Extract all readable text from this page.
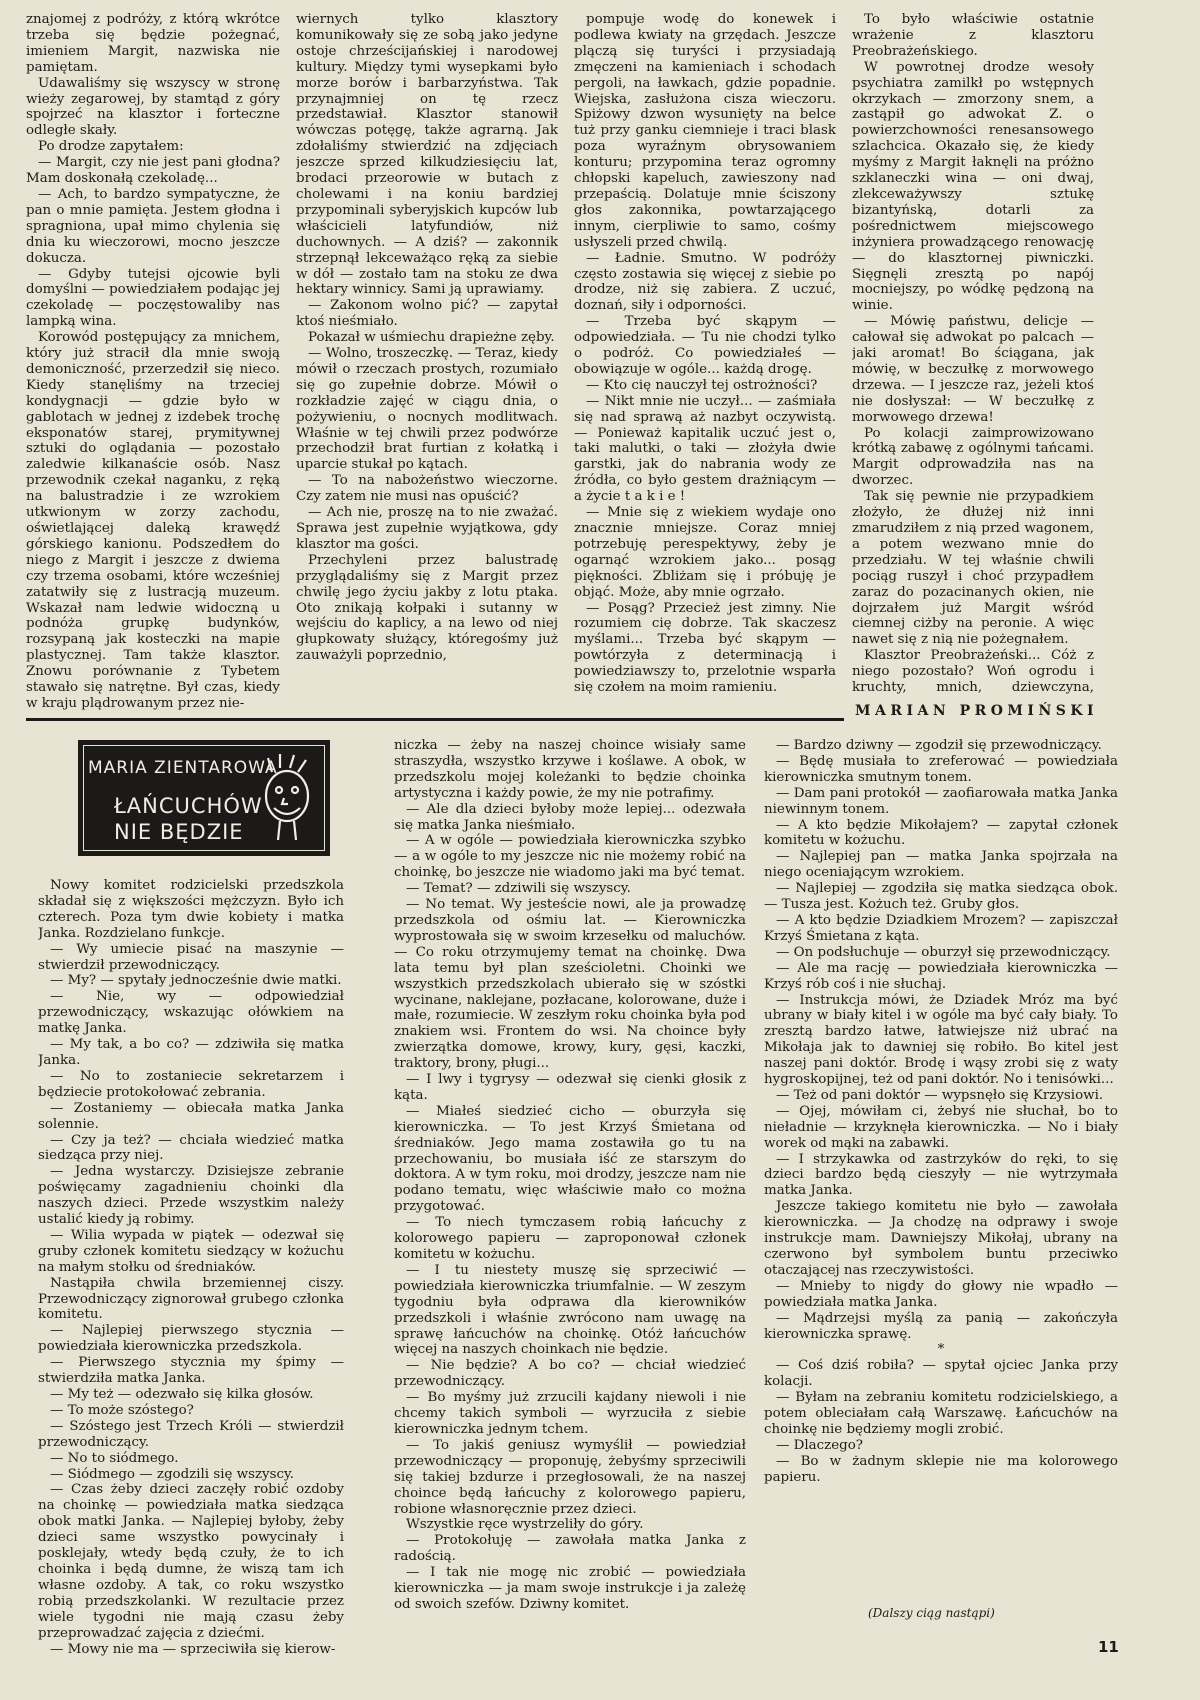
znajomej z podróży, z którą wkrótce trzeba się będzie pożegnać, imieniem Margit, nazwiska nie pamiętam.

Udawaliśmy się wszyscy w stronę wieży zegarowej, by stamtąd z góry spojrzeć na klasztor i forteczne odległe skały.

Po drodze zapytałem:

— Margit, czy nie jest pani głodna? Mam doskonałą czekoladę...

— Ach, to bardzo sympatyczne, że pan o mnie pamięta. Jestem głodna i spragniona, upał mimo chylenia się dnia ku wieczorowi, mocno jeszcze dokucza.

— Gdyby tutejsi ojcowie byli domyślni — powiedziałem podając jej czekoladę — poczęstowaliby nas lampką wina.

Korowód postępujący za mnichem, który już stracił dla mnie swoją demoniczność, przerzedził się nieco. Kiedy stanęliśmy na trzeciej kondygnacji — gdzie było w gablotach w jednej z izdebek trochę eksponatów starej, prymitywnej sztuki do oglądania — pozostało zaledwie kilkanaście osób. Nasz przewodnik czekał naganku, z ręką na balustradzie i ze wzrokiem utkwionym w zorzy zachodu, oświetlającej daleką krawędź górskiego kanionu. Podszedłem do niego z Margit i jeszcze z dwiema czy trzema osobami, które wcześniej zatatwiły się z lustracją muzeum. Wskazał nam ledwie widoczną u podnóża grupkę budynków, rozsypaną jak kosteczki na mapie plastycznej. Tam także klasztor. Znowu porównanie z Tybetem stawało się natrętne. Był czas, kiedy w kraju plądrowanym przez nie-

wiernych tylko klasztory komunikowały się ze sobą jako jedyne ostoje chrześcijańskiej i narodowej kultury. Między tymi wysepkami było morze borów i barbarzyństwa. Tak przynajmniej on tę rzecz przedstawiał. Klasztor stanowił wówczas potęgę, także agrarną. Jak zdołaliśmy stwierdzić na zdjęciach jeszcze sprzed kilkudziesięciu lat, brodaci przeorowie w butach z cholewami i na koniu bardziej przypominali syberyjskich kupców lub właścicieli latyfundiów, niż duchownych. — A dziś? — zakonnik strzepnął lekceważąco ręką za siebie w dół — zostało tam na stoku ze dwa hektary winnicy. Sami ją uprawiamy.

— Zakonom wolno pić? — zapytał ktoś nieśmiało.

Pokazał w uśmiechu drapieżne zęby.

— Wolno, troszeczkę. — Teraz, kiedy mówił o rzeczach prostych, rozumiało się go zupełnie dobrze. Mówił o rozkładzie zajęć w ciągu dnia, o pożywieniu, o nocnych modlitwach. Właśnie w tej chwili przez podwórze przechodził brat furtian z kołatką i uparcie stukał po kątach.

— To na nabożeństwo wieczorne. Czy zatem nie musi nas opuścić?

— Ach nie, proszę na to nie zważać. Sprawa jest zupełnie wyjątkowa, gdy klasztor ma gości.

Przechyleni przez balustradę przyglądaliśmy się z Margit przez chwilę jego życiu jakby z lotu ptaka. Oto znikają kołpaki i sutanny w wejściu do kaplicy, a na lewo od niej głupkowaty służący, któregośmy już zauważyli poprzednio,

pompuje wodę do konewek i podlewa kwiaty na grzędach. Jeszcze plączą się turyści i przysiadają zmęczeni na kamieniach i schodach pergoli, na ławkach, gdzie popadnie. Wiejska, zasłużona cisza wieczoru. Spiżowy dzwon wysunięty na belce tuż przy ganku ciemnieje i traci blask poza wyraźnym obrysowaniem konturu; przypomina teraz ogromny chłopski kapeluch, zawieszony nad przepaścią. Dolatuje mnie ściszony głos zakonnika, powtarzającego innym, cierpliwie to samo, cośmy usłyszeli przed chwilą.

— Ładnie. Smutno. W podróży często zostawia się więcej z siebie po drodze, niż się zabiera. Z uczuć, doznań, siły i odporności.

— Trzeba być skąpym — odpowiedziała. — Tu nie chodzi tylko o podróż. Co powiedziałeś — obowiązuje w ogóle... każdą drogę.

— Kto cię nauczył tej ostrożności?

— Nikt mnie nie uczył... — zaśmiała się nad sprawą aż nazbyt oczywistą. — Ponieważ kapitalik uczuć jest o, taki malutki, o taki — złożyła dwie garstki, jak do nabrania wody ze źródła, co było gestem drażniącym — a życie t a k i e !

— Mnie się z wiekiem wydaje ono znacznie mniejsze. Coraz mniej potrzebuję perespektywy, żeby je ogarnąć wzrokiem jako... posąg piękności. Zbliżam się i próbuję je objąć. Może, aby mnie ogrzało.

— Posąg? Przecież jest zimny. Nie rozumiem cię dobrze. Tak skaczesz myślami... Trzeba być skąpym — powtórzyła z determinacją i powiedziawszy to, przelotnie wsparła się czołem na moim ramieniu.

To było właściwie ostatnie wrażenie z klasztoru Preobrażeńskiego.

W powrotnej drodze wesoły psychiatra zamilkł po wstępnych okrzykach — zmorzony snem, a zastąpił go adwokat Z. o powierzchowności renesansowego szlachcica. Okazało się, że kiedy myśmy z Margit łaknęli na próżno szklaneczki wina — oni dwaj, zlekceważywszy sztukę bizantyńską, dotarli za pośrednictwem miejscowego inżyniera prowadzącego renowację — do klasztornej piwniczki. Sięgnęli zresztą po napój mocniejszy, po wódkę pędzoną na winie.

— Mówię państwu, delicje — całował się adwokat po palcach — jaki aromat! Bo ściągana, jak mówię, w beczułkę z morwowego drzewa. — I jeszcze raz, jeżeli ktoś nie dosłyszał: — W beczułkę z morwowego drzewa!

Po kolacji zaimprowizowano krótką zabawę z ogólnymi tańcami. Margit odprowadziła nas na dworzec.

Tak się pewnie nie przypadkiem złożyło, że dłużej niż inni zmarudziłem z nią przed wagonem, a potem wezwano mnie do przedziału. W tej właśnie chwili pociąg ruszył i choć przypadłem zaraz do pozacinanych okien, nie dojrzałem już Margit wśród ciemnej ciżby na peronie. A więc nawet się z nią nie pożegnałem.

Klasztor Preobrażeński... Cóż z niego pozostało? Woń ogrodu i kruchty, mnich, dziewczyna,

MARIAN PROMIŃSKI
MARIA ZIENTAROWA
ŁAŃCUCHÓW
NIE BĘDZIE

Nowy komitet rodzicielski przedszkola składał się z większości mężczyzn. Było ich czterech. Poza tym dwie kobiety i matka Janka. Rozdzielano funkcje.

— Wy umiecie pisać na maszynie — stwierdził przewodniczący.

— My? — spytały jednocześnie dwie matki.

— Nie, wy — odpowiedział przewodniczący, wskazując ołówkiem na matkę Janka.

— My tak, a bo co? — zdziwiła się matka Janka.

— No to zostaniecie sekretarzem i będziecie protokołować zebrania.

— Zostaniemy — obiecała matka Janka solennie.

— Czy ja też? — chciała wiedzieć matka siedząca przy niej.

— Jedna wystarczy. Dzisiejsze zebranie poświęcamy zagadnieniu choinki dla naszych dzieci. Przede wszystkim należy ustalić kiedy ją robimy.

— Wilia wypada w piątek — odezwał się gruby członek komitetu siedzący w kożuchu na małym stołku od średniaków.

Nastąpiła chwila brzemiennej ciszy. Przewodniczący zignorował grubego członka komitetu.

— Najlepiej pierwszego stycznia — powiedziała kierowniczka przedszkola.

— Pierwszego stycznia my śpimy — stwierdziła matka Janka.

— My też — odezwało się kilka głosów.

— To może szóstego?

— Szóstego jest Trzech Króli — stwierdził przewodniczący.

— No to siódmego.

— Siódmego — zgodzili się wszyscy.

— Czas żeby dzieci zaczęły robić ozdoby na choinkę — powiedziała matka siedząca obok matki Janka. — Najlepiej byłoby, żeby dzieci same wszystko powycinały i posklejały, wtedy będą czuły, że to ich choinka i będą dumne, że wiszą tam ich własne ozdoby. A tak, co roku wszystko robią przedszkolanki. W rezultacie przez wiele tygodni nie mają czasu żeby przeprowadzać zajęcia z dziećmi.

— Mowy nie ma — sprzeciwiła się kierow-

niczka — żeby na naszej choince wisiały same straszydła, wszystko krzywe i koślawe. A obok, w przedszkolu mojej koleżanki to będzie choinka artystyczna i każdy powie, że my nie potrafimy.

— Ale dla dzieci byłoby może lepiej... odezwała się matka Janka nieśmiało.

— A w ogóle — powiedziała kierowniczka szybko — a w ogóle to my jeszcze nic nie możemy robić na choinkę, bo jeszcze nie wiadomo jaki ma być temat.

— Temat? — zdziwili się wszyscy.

— No temat. Wy jesteście nowi, ale ja prowadzę przedszkola od ośmiu lat. — Kierowniczka wyprostowała się w swoim krzesełku od maluchów. — Co roku otrzymujemy temat na choinkę. Dwa lata temu był plan sześcioletni. Choinki we wszystkich przedszkolach ubierało się w szóstki wycinane, naklejane, pozłacane, kolorowane, duże i małe, rozumiecie. W zeszłym roku choinka była pod znakiem wsi. Frontem do wsi. Na choince były zwierzątka domowe, krowy, kury, gęsi, kaczki, traktory, brony, pługi...

— I lwy i tygrysy — odezwał się cienki głosik z kąta.

— Miałeś siedzieć cicho — oburzyła się kierowniczka. — To jest Krzyś Śmietana od średniaków. Jego mama zostawiła go tu na przechowaniu, bo musiała iść ze starszym do doktora. A w tym roku, moi drodzy, jeszcze nam nie podano tematu, więc właściwie mało co można przygotować.

— To niech tymczasem robią łańcuchy z kolorowego papieru — zaproponował członek komitetu w kożuchu.

— I tu niestety muszę się sprzeciwić — powiedziała kierowniczka triumfalnie. — W zeszym tygodniu była odprawa dla kierowników przedszkoli i właśnie zwrócono nam uwagę na sprawę łańcuchów na choinkę. Otóż łańcuchów więcej na naszych choinkach nie będzie.

— Nie będzie? A bo co? — chciał wiedzieć przewodniczący.

— Bo myśmy już zrzucili kajdany niewoli i nie chcemy takich symboli — wyrzuciła z siebie kierowniczka jednym tchem.

— To jakiś geniusz wymyślił — powiedział przewodniczący — proponuję, żebyśmy sprzeciwili się takiej bzdurze i przegłosowali, że na naszej choince będą łańcuchy z kolorowego papieru, robione własnoręcznie przez dzieci.

Wszystkie ręce wystrzeliły do góry.

— Protokołuję — zawołała matka Janka z radością.

— I tak nie mogę nic zrobić — powiedziała kierowniczka — ja mam swoje instrukcje i ja zależę od swoich szefów. Dziwny komitet.

— Bardzo dziwny — zgodził się przewodniczący.

— Będę musiała to zreferować — powiedziała kierowniczka smutnym tonem.

— Dam pani protokół — zaofiarowała matka Janka niewinnym tonem.

— A kto będzie Mikołajem? — zapytał członek komitetu w kożuchu.

— Najlepiej pan — matka Janka spojrzała na niego oceniającym wzrokiem.

— Najlepiej — zgodziła się matka siedząca obok. — Tusza jest. Kożuch też. Gruby głos.

— A kto będzie Dziadkiem Mrozem? — zapiszczał Krzyś Śmietana z kąta.

— On podsłuchuje — oburzył się przewodniczący.

— Ale ma rację — powiedziała kierowniczka — Krzyś rób coś i nie słuchaj.

— Instrukcja mówi, że Dziadek Mróz ma być ubrany w biały kitel i w ogóle ma być cały biały. To zresztą bardzo łatwe, łatwiejsze niż ubrać na Mikołaja jak to dawniej się robiło. Bo kitel jest naszej pani doktór. Brodę i wąsy zrobi się z waty hygroskopijnej, też od pani doktór. No i tenisówki...

— Też od pani doktór — wypsnęło się Krzysiowi.

— Ojej, mówiłam ci, żebyś nie słuchał, bo to nieładnie — krzyknęła kierowniczka. — No i biały worek od mąki na zabawki.

— I strzykawka od zastrzyków do ręki, to się dzieci bardzo będą cieszyły — nie wytrzymała matka Janka.

Jeszcze takiego komitetu nie było — zawołała kierowniczka. — Ja chodzę na odprawy i swoje instrukcje mam. Dawniejszy Mikołaj, ubrany na czerwono był symbolem buntu przeciwko otaczającej nas rzeczywistości.

— Mnieby to nigdy do głowy nie wpadło — powiedziała matka Janka.

— Mądrzejsi myślą za panią — zakończyła kierowniczka sprawę.

*

— Coś dziś robiła? — spytał ojciec Janka przy kolacji.

— Byłam na zebraniu komitetu rodzicielskiego, a potem obleciałam całą Warszawę. Łańcuchów na choinkę nie będziemy mogli zrobić.

— Dlaczego?

— Bo w żadnym sklepie nie ma kolorowego papieru.

(Dalszy ciąg nastąpi)
11
